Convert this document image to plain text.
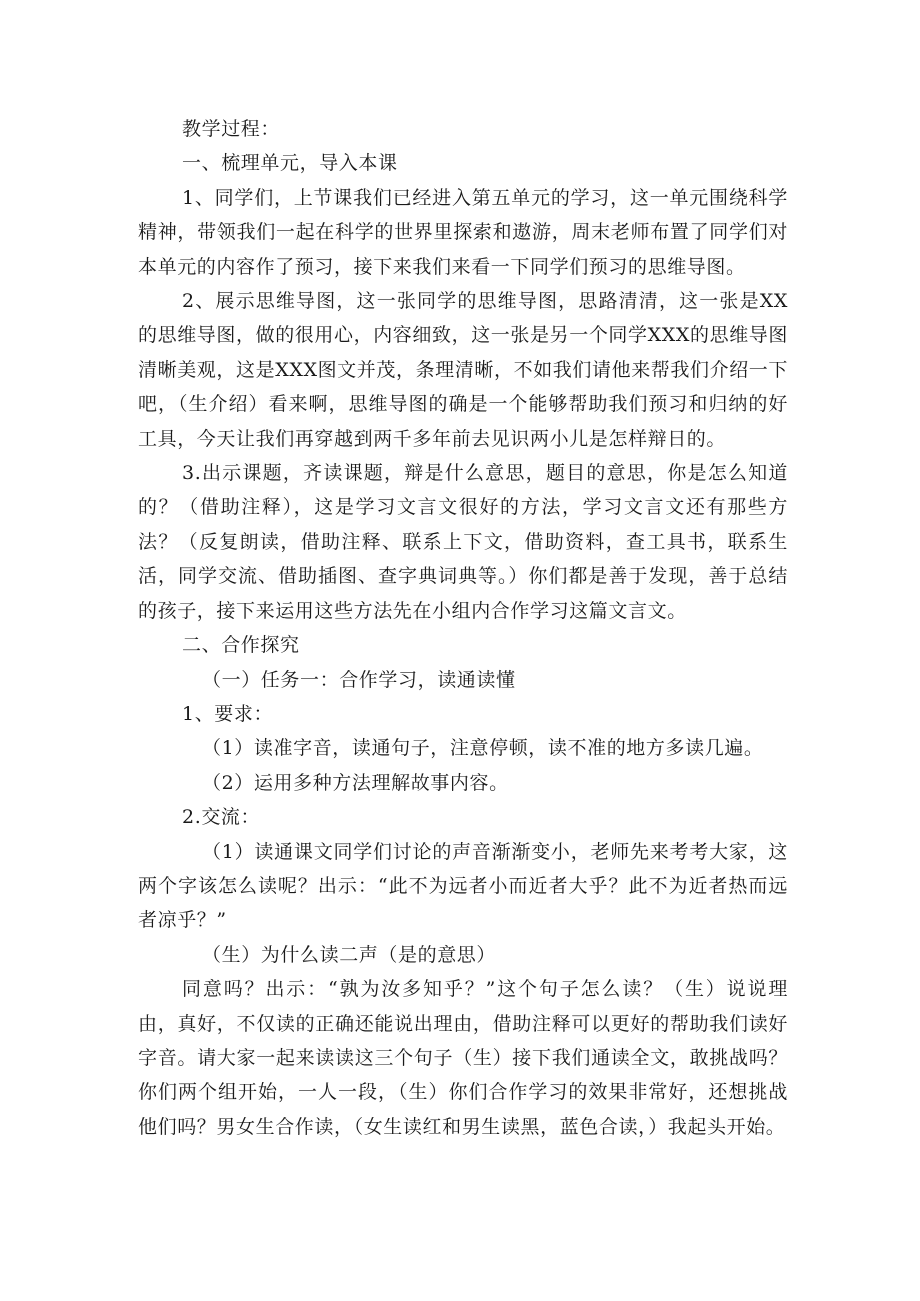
教学过程：

一、梳理单元，导入本课

1、同学们，上节课我们已经进入第五单元的学习，这一单元围绕科学精神，带领我们一起在科学的世界里探索和遨游，周末老师布置了同学们对本单元的内容作了预习，接下来我们来看一下同学们预习的思维导图。

2、展示思维导图，这一张同学的思维导图，思路清清，这一张是XX的思维导图，做的很用心，内容细致，这一张是另一个同学XXX的思维导图清晰美观，这是XXX图文并茂，条理清晰，不如我们请他来帮我们介绍一下吧，（生介绍）看来啊，思维导图的确是一个能够帮助我们预习和归纳的好工具，今天让我们再穿越到两千多年前去见识两小儿是怎样辩日的。

3.出示课题，齐读课题，辩是什么意思，题目的意思，你是怎么知道的？（借助注释），这是学习文言文很好的方法，学习文言文还有那些方法？（反复朗读，借助注释、联系上下文，借助资料，查工具书，联系生活，同学交流、借助插图、查字典词典等。）你们都是善于发现，善于总结的孩子，接下来运用这些方法先在小组内合作学习这篇文言文。

二、合作探究

（一）任务一：合作学习，读通读懂

1、要求：

（1）读准字音，读通句子，注意停顿，读不准的地方多读几遍。

（2）运用多种方法理解故事内容。

2.交流：

（1）读通课文同学们讨论的声音渐渐变小，老师先来考考大家，这两个字该怎么读呢？出示：“此不为远者小而近者大乎？此不为近者热而远者凉乎？”

（生）为什么读二声（是的意思）

同意吗？出示：“孰为汝多知乎？”这个句子怎么读？（生）说说理由，真好，不仅读的正确还能说出理由，借助注释可以更好的帮助我们读好字音。请大家一起来读读这三个句子（生）接下我们通读全文，敢挑战吗？你们两个组开始，一人一段，（生）你们合作学习的效果非常好，还想挑战他们吗？男女生合作读，（女生读红和男生读黑，蓝色合读，）我起头开始。
